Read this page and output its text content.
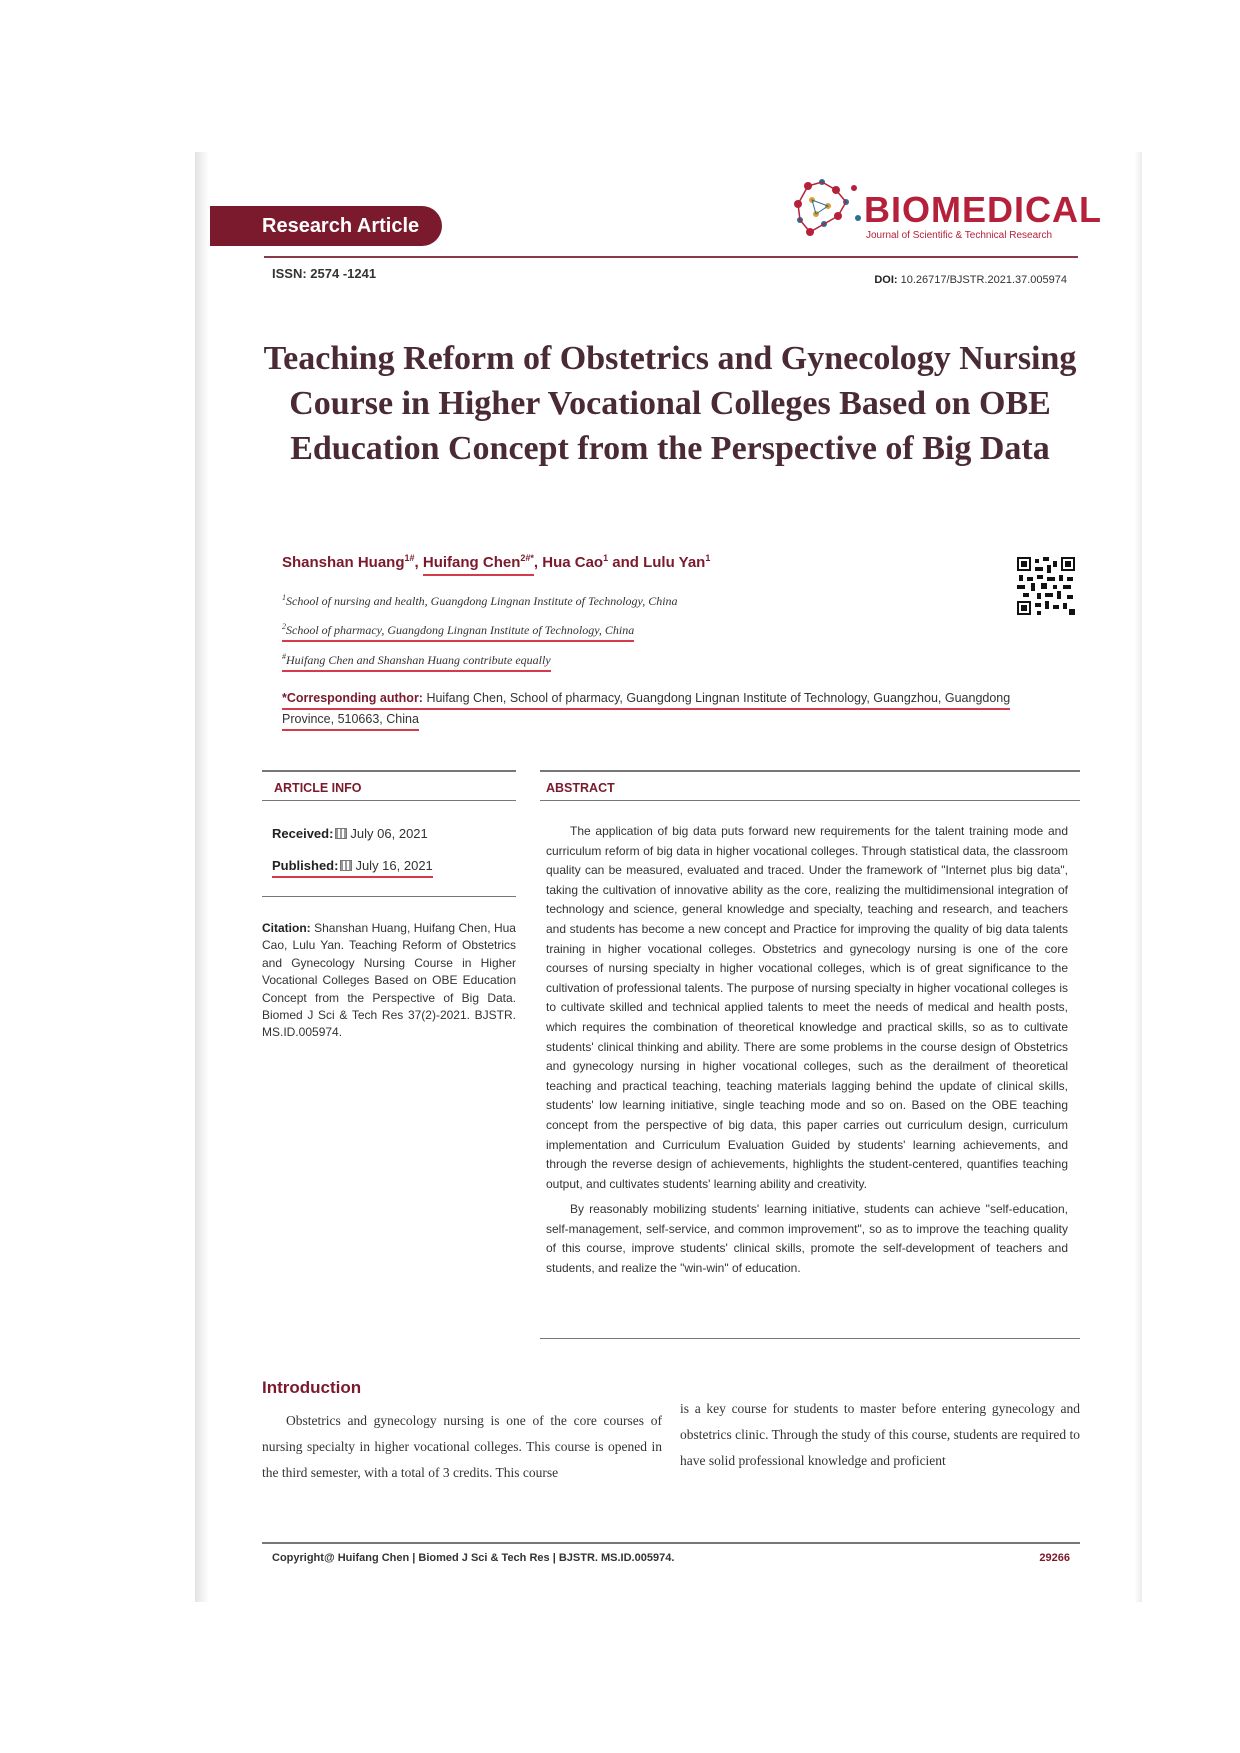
Research Article	BIOMEDICAL
Journal of Scientific & Technical Research
ISSN: 2574 -1241	DOI: 10.26717/BJSTR.2021.37.005974
Teaching Reform of Obstetrics and Gynecology Nursing Course in Higher Vocational Colleges Based on OBE Education Concept from the Perspective of Big Data
Shanshan Huang$^{1\#}$, Huifang Chen$^{2\#*}$, Hua Cao$^1$ and Lulu Yan$^1$
$^1$School of nursing and health, Guangdong Lingnan Institute of Technology, China
$^2$School of pharmacy, Guangdong Lingnan Institute of Technology, China
#Huifang Chen and Shanshan Huang contribute equally
*Corresponding author: Huifang Chen, School of pharmacy, Guangdong Lingnan Institute of Technology, Guangzhou, Guangdong
Province, 510663, China
ARTICLE INFO	ABSTRACT
Received: July 06, 2021
Published: July 16, 2021
Citation: Shanshan Huang, Huifang Chen, Hua Cao, Lulu Yan. Teaching Reform of Obstetrics and Gynecology Nursing Course in Higher Vocational Colleges Based on OBE Education Concept from the Perspective of Big Data. Biomed J Sci & Tech Res 37(2)-2021. BJSTR. MS.ID.005974.

The application of big data puts forward new requirements for the talent training mode and curriculum reform of big data in higher vocational colleges. Through statistical data, the classroom quality can be measured, evaluated and traced. Under the framework of "Internet plus big data", taking the cultivation of innovative ability as the core, realizing the multidimensional integration of technology and science, general knowledge and specialty, teaching and research, and teachers and students has become a new concept and Practice for improving the quality of big data talents training in higher vocational colleges. Obstetrics and gynecology nursing is one of the core courses of nursing specialty in higher vocational colleges, which is of great significance to the cultivation of professional talents. The purpose of nursing specialty in higher vocational colleges is to cultivate skilled and technical applied talents to meet the needs of medical and health posts, which requires the combination of theoretical knowledge and practical skills, so as to cultivate students' clinical thinking and ability. There are some problems in the course design of Obstetrics and gynecology nursing in higher vocational colleges, such as the derailment of theoretical teaching and practical teaching, teaching materials lagging behind the update of clinical skills, students' low learning initiative, single teaching mode and so on. Based on the OBE teaching concept from the perspective of big data, this paper carries out curriculum design, curriculum implementation and Curriculum Evaluation Guided by students' learning achievements, and through the reverse design of achievements, highlights the student-centered, quantifies teaching output, and cultivates students' learning ability and creativity.

By reasonably mobilizing students' learning initiative, students can achieve "self-education, self-management, self-service, and common improvement", so as to improve the teaching quality of this course, improve students' clinical skills, promote the self-development of teachers and students, and realize the "win-win" of education.

Introduction
Obstetrics and gynecology nursing is one of the core courses of nursing specialty in higher vocational colleges. This course is opened in the third semester, with a total of 3 credits. This course
is a key course for students to master before entering gynecology and obstetrics clinic. Through the study of this course, students are required to have solid professional knowledge and proficient
Copyright@ Huifang Chen | Biomed J Sci & Tech Res | BJSTR. MS.ID.005974.	29266
